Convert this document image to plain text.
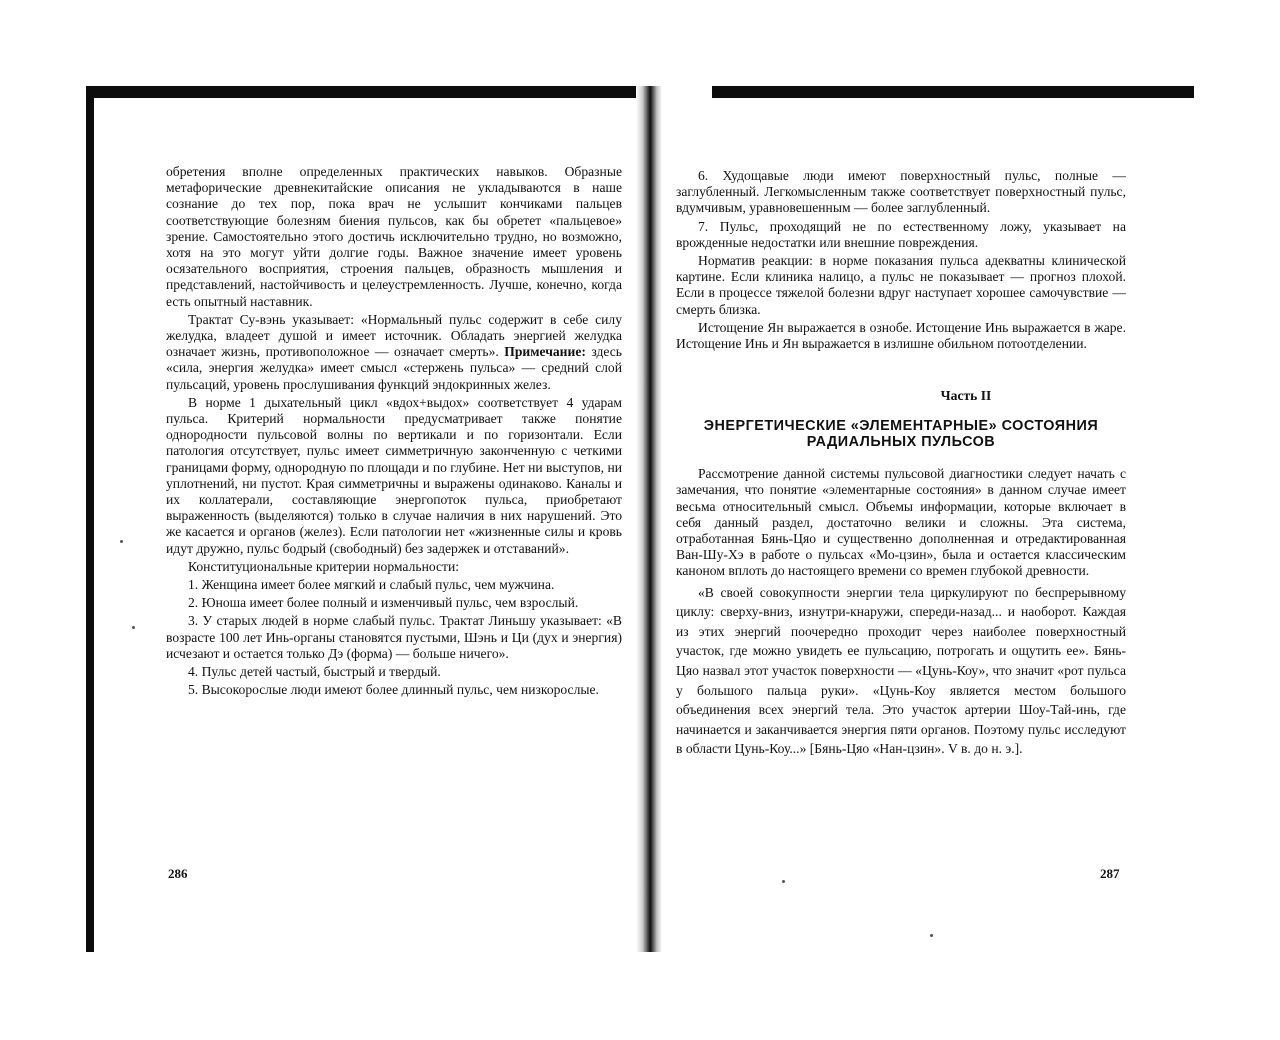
обретения вполне определенных практических навыков. Образные метафорические древнекитайские описания не укладываются в наше сознание до тех пор, пока врач не услышит кончиками пальцев соответствующие болезням биения пульсов, как бы обретет «пальцевое» зрение. Самостоятельно этого достичь исключительно трудно, но возможно, хотя на это могут уйти долгие годы. Важное значение имеет уровень осязательного восприятия, строения пальцев, образность мышления и представлений, настойчивость и целеустремленность. Лучше, конечно, когда есть опытный наставник.

Трактат Су-вэнь указывает: «Нормальный пульс содержит в себе силу желудка, владеет душой и имеет источник. Обладать энергией желудка означает жизнь, противоположное — означает смерть». Примечание: здесь «сила, энергия желудка» имеет смысл «стержень пульса» — средний слой пульсаций, уровень прослушивания функций эндокринных желез.

В норме 1 дыхательный цикл «вдох+выдох» соответствует 4 ударам пульса. Критерий нормальности предусматривает также понятие однородности пульсовой волны по вертикали и по горизонтали. Если патология отсутствует, пульс имеет симметричную законченную с четкими границами форму, однородную по площади и по глубине. Нет ни выступов, ни уплотнений, ни пустот. Края симметричны и выражены одинаково. Каналы и их коллатерали, составляющие энергопоток пульса, приобретают выраженность (выделяются) только в случае наличия в них нарушений. Это же касается и органов (желез). Если патологии нет «жизненные силы и кровь идут дружно, пульс бодрый (свободный) без задержек и отставаний».

Конституциональные критерии нормальности:

1. Женщина имеет более мягкий и слабый пульс, чем мужчина.

2. Юноша имеет более полный и изменчивый пульс, чем взрослый.

3. У старых людей в норме слабый пульс. Трактат Линьшу указывает: «В возрасте 100 лет Инь-органы становятся пустыми, Шэнь и Ци (дух и энергия) исчезают и остается только Дэ (форма) — больше ничего».

4. Пульс детей частый, быстрый и твердый.

5. Высокорослые люди имеют более длинный пульс, чем низкорослые.

286

6. Худощавые люди имеют поверхностный пульс, полные — заглубленный. Легкомысленным также соответствует поверхностный пульс, вдумчивым, уравновешенным — более заглубленный.

7. Пульс, проходящий не по естественному ложу, указывает на врожденные недостатки или внешние повреждения.

Норматив реакции: в норме показания пульса адекватны клинической картине. Если клиника налицо, а пульс не показывает — прогноз плохой. Если в процессе тяжелой болезни вдруг наступает хорошее самочувствие — смерть близка.

Истощение Ян выражается в ознобе. Истощение Инь выражается в жаре. Истощение Инь и Ян выражается в излишне обильном потоотделении.

Часть II
ЭНЕРГЕТИЧЕСКИЕ «ЭЛЕМЕНТАРНЫЕ» СОСТОЯНИЯ
РАДИАЛЬНЫХ ПУЛЬСОВ

Рассмотрение данной системы пульсовой диагностики следует начать с замечания, что понятие «элементарные состояния» в данном случае имеет весьма относительный смысл. Объемы информации, которые включает в себя данный раздел, достаточно велики и сложны. Эта система, отработанная Бянь-Цяо и существенно дополненная и отредактированная Ван-Шу-Хэ в работе о пульсах «Мо-цзин», была и остается классическим каноном вплоть до настоящего времени со времен глубокой древности.

«В своей совокупности энергии тела циркулируют по беспрерывному циклу: сверху-вниз, изнутри-кнаружи, спереди-назад... и наоборот. Каждая из этих энергий поочередно проходит через наиболее поверхностный участок, где можно увидеть ее пульсацию, потрогать и ощутить ее». Бянь-Цяо назвал этот участок поверхности — «Цунь-Коу», что значит «рот пульса у большого пальца руки». «Цунь-Коу является местом большого объединения всех энергий тела. Это участок артерии Шоу-Тай-инь, где начинается и заканчивается энергия пяти органов. Поэтому пульс исследуют в области Цунь-Коу...» [Бянь-Цяо «Нан-цзин». V в. до н. э.].

287
